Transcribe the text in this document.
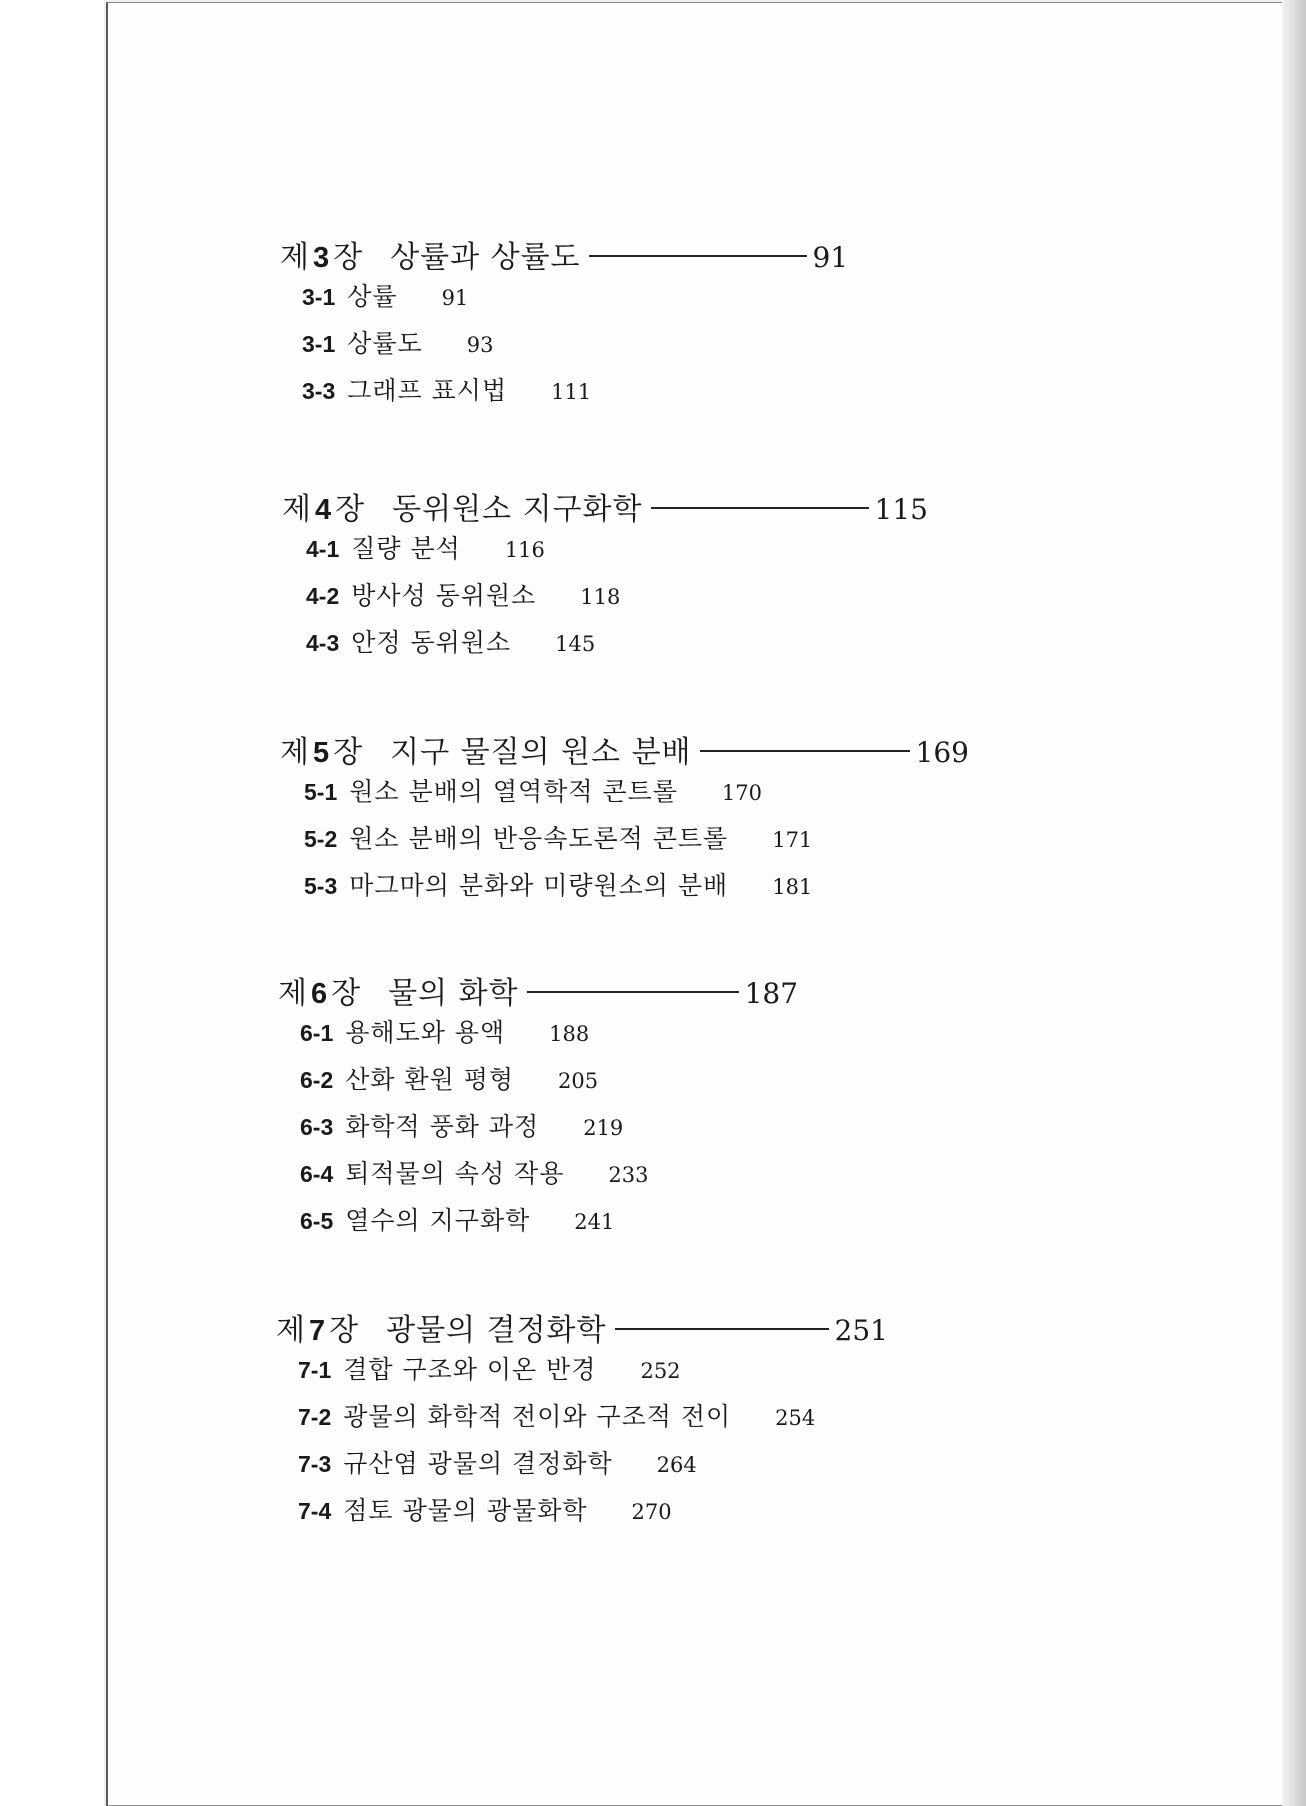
제 3 장 상률과 상률도	91
3-1 상률 91
3-1 상률도 93
3-3 그래프 표시법 111
제 4 장 동위원소 지구화학	115
4-1 질량 분석 116
4-2 방사성 동위원소 118
4-3 안정 동위원소 145
제 5 장 지구 물질의 원소 분배	169
5-1 원소 분배의 열역학적 콘트롤 170
5-2 원소 분배의 반응속도론적 콘트롤 171
5-3 마그마의 분화와 미량원소의 분배 181
제 6 장 물의 화학	187
6-1 용해도와 용액 188
6-2 산화 환원 평형 205
6-3 화학적 풍화 과정 219
6-4 퇴적물의 속성 작용 233
6-5 열수의 지구화학 241
제 7 장 광물의 결정화학	251
7-1 결합 구조와 이온 반경 252
7-2 광물의 화학적 전이와 구조적 전이 254
7-3 규산염 광물의 결정화학 264
7-4 점토 광물의 광물화학 270
